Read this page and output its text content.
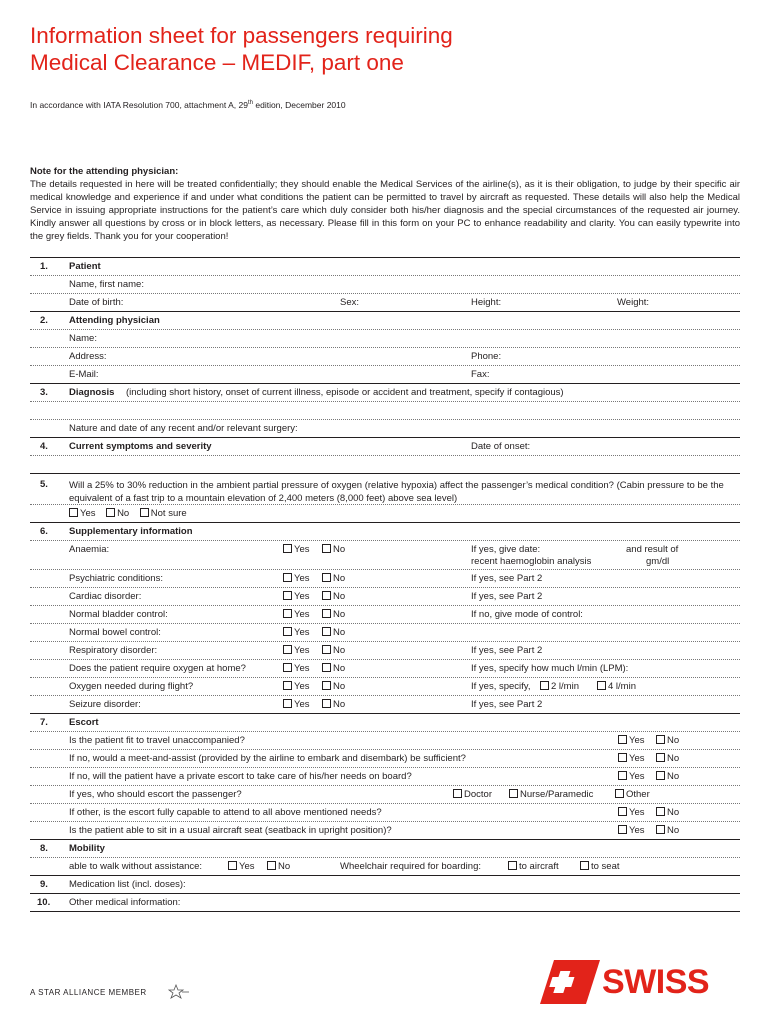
Information sheet for passengers requiring
Medical Clearance – MEDIF, part one
In accordance with IATA Resolution 700, attachment A, 29th edition, December 2010
Note for the attending physician:
The details requested in here will be treated confidentially; they should enable the Medical Services of the airline(s), as it is their obligation, to judge by their specific air medical knowledge and experience if and under what conditions the patient can be permitted to travel by aircraft as requested. These details will also help the Medical Service in issuing appropriate instructions for the patient’s care which duly consider both his/her diagnosis and the special circumstances of the requested air journey. Kindly answer all questions by cross or in block letters, as necessary. Please fill in this form on your PC to enhance readability and clarity. You can easily typewrite into the grey fields. Thank you for your cooperation!
1. Patient
Name, first name:
Date of birth:	Sex:	Height:	Weight:
2. Attending physician
Name:
Address:	Phone:
E-Mail:	Fax:
3. Diagnosis (including short history, onset of current illness, episode or accident and treatment, specify if contagious)
Nature and date of any recent and/or relevant surgery:
4. Current symptoms and severity	Date of onset:
5. Will a 25% to 30% reduction in the ambient partial pressure of oxygen (relative hypoxia) affect the passenger’s medical condition? (Cabin pressure to be the equivalent of a fast trip to a mountain elevation of 2,400 meters (8,000 feet) above sea level)
Yes No Not sure
6. Supplementary information
Anaemia:	Yes	No	If yes, give date:	and result of
recent haemoglobin analysis	gm/dl
Psychiatric conditions:	Yes	No	If yes, see Part 2
Cardiac disorder:	Yes	No	If yes, see Part 2
Normal bladder control:	Yes	No	If no, give mode of control:
Normal bowel control:	Yes	No
Respiratory disorder:	Yes	No	If yes, see Part 2
Does the patient require oxygen at home?	Yes	No	If yes, specify how much l/min (LPM):
Oxygen needed during flight?	Yes	No	If yes, specify,	2 l/min	4 l/min
Seizure disorder:	Yes	No	If yes, see Part 2
7. Escort
Is the patient fit to travel unaccompanied?	Yes	No
If no, would a meet-and-assist (provided by the airline to embark and disembark) be sufficient?	Yes	No
If no, will the patient have a private escort to take care of his/her needs on board?	Yes	No
If yes, who should escort the passenger?	Doctor	Nurse/Paramedic	Other
If other, is the escort fully capable to attend to all above mentioned needs?	Yes	No
Is the patient able to sit in a usual aircraft seat (seatback in upright position)?	Yes	No
8. Mobility
able to walk without assistance:	Yes	No	Wheelchair required for boarding:	to aircraft	to seat
9. Medication list (incl. doses):
10. Other medical information:
A STAR ALLIANCE MEMBER	SWISS
